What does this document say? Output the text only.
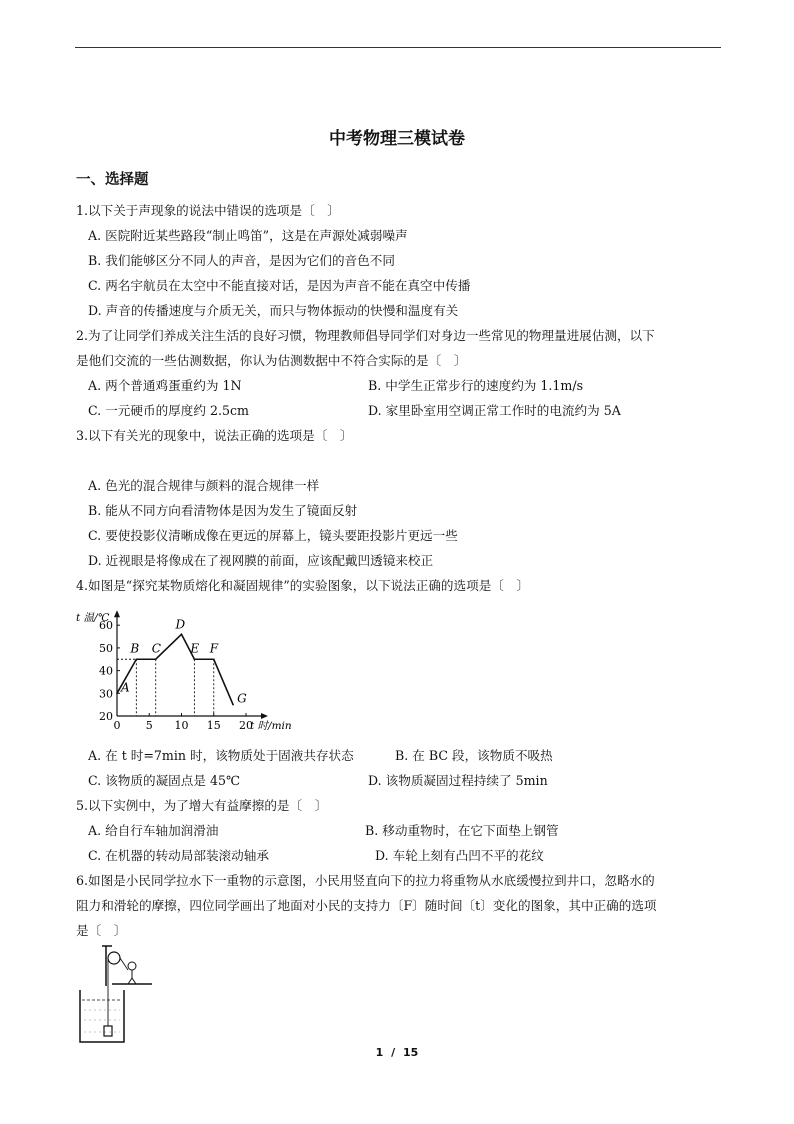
中考物理三模试卷
一、选择题
1.以下关于声现象的说法中错误的选项是〔　〕
A. 医院附近某些路段“制止鸣笛”，这是在声源处减弱噪声
B. 我们能够区分不同人的声音，是因为它们的音色不同
C. 两名宇航员在太空中不能直接对话，是因为声音不能在真空中传播
D. 声音的传播速度与介质无关，而只与物体振动的快慢和温度有关
2.为了让同学们养成关注生活的良好习惯，物理教师倡导同学们对身边一些常见的物理量进展估测，以下
是他们交流的一些估测数据，你认为估测数据中不符合实际的是〔　〕
A. 两个普通鸡蛋重约为 1N	B. 中学生正常步行的速度约为 1.1m/s
C. 一元硬币的厚度约 2.5cm	D. 家里卧室用空调正常工作时的电流约为 5A
3.以下有关光的现象中，说法正确的选项是〔　〕
A. 色光的混合规律与颜料的混合规律一样
B. 能从不同方向看清物体是因为发生了镜面反射
C. 要使投影仪清晰成像在更远的屏幕上，镜头要距投影片更远一些
D. 近视眼是将像成在了视网膜的前面，应该配戴凹透镜来校正
4.如图是“探究某物质熔化和凝固规律”的实验图象，以下说法正确的选项是〔　〕
0 5 10 15 20
20
30
40
50
60
A
B C
D
E F
G
t 温/℃
t 时/min
A. 在 t 时=7min 时，该物质处于固液共存状态	B. 在 BC 段，该物质不吸热
C. 该物质的凝固点是 45℃	D. 该物质凝固过程持续了 5min
5.以下实例中，为了增大有益摩擦的是〔　〕
A. 给自行车轴加润滑油	B. 移动重物时，在它下面垫上钢管
C. 在机器的转动局部装滚动轴承	D. 车轮上刻有凸凹不平的花纹
6.如图是小民同学拉水下一重物的示意图，小民用竖直向下的拉力将重物从水底缓慢拉到井口，忽略水的
阻力和滑轮的摩擦，四位同学画出了地面对小民的支持力〔F〕随时间〔t〕变化的图象，其中正确的选项
是〔　〕
1 / 15
